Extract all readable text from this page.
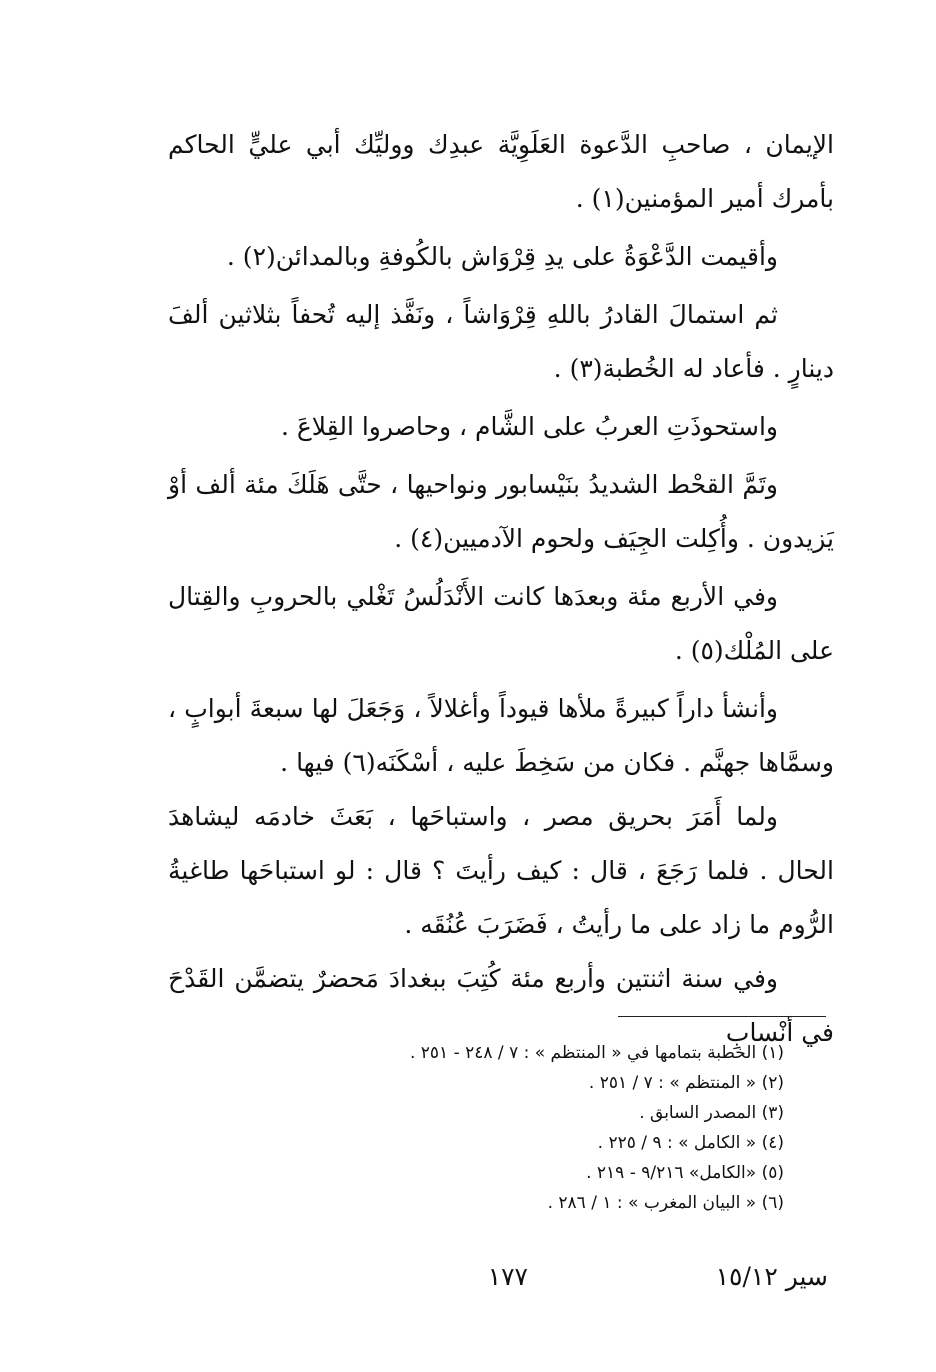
الإيمان ، صاحبِ الدَّعوة العَلَوِيَّة عبدِك ووليِّك أبي عليٍّ الحاكم بأمرك أمير المؤمنين(١) .

وأقيمت الدَّعْوَةُ على يدِ قِرْوَاش بالكُوفةِ وبالمدائن(٢) .

ثم استمالَ القادرُ باللهِ قِرْوَاشاً ، ونَفَّذ إليه تُحفاً بثلاثين ألفَ دينارٍ . فأعاد له الخُطبة(٣) .

واستحوذَتِ العربُ على الشَّام ، وحاصروا القِلاعَ .

وتَمَّ القحْط الشديدُ بنَيْسابور ونواحيها ، حتَّى هَلَكَ مئة ألف أوْ يَزيدون . وأُكِلت الجِيَف ولحوم الآدميين(٤) .

وفي الأربع مئة وبعدَها كانت الأَنْدَلُسُ تَغْلي بالحروبِ والقِتال على المُلْك(٥) .

وأنشأ داراً كبيرةً ملأها قيوداً وأغلالاً ، وَجَعَلَ لها سبعةَ أبوابٍ ، وسمَّاها جهنَّم . فكان من سَخِطَ عليه ، أسْكَنَه(٦) فيها .

ولما أَمَرَ بحريق مصر ، واستباحَها ، بَعَثَ خادمَه ليشاهدَ الحال . فلما رَجَعَ ، قال : كيف رأيتَ ؟ قال : لو استباحَها طاغيةُ الرُّوم ما زاد على ما رأيتُ ، فَضَرَبَ عُنُقَه .

وفي سنة اثنتين وأربع مئة كُتِبَ ببغدادَ مَحضرٌ يتضمَّن القَدْحَ في أنْسابِ

(١) الخطبة بتمامها في « المنتظم » : ٧ / ٢٤٨ - ٢٥١ .
(٢) « المنتظم » : ٧ / ٢٥١ .
(٣) المصدر السابق .
(٤) « الكامل » : ٩ / ٢٢٥ .
(٥) «الكامل» ٩/٢١٦ - ٢١٩ .
(٦) « البيان المغرب » : ١ / ٢٨٦ .
سير ١٥/١٢
١٧٧
